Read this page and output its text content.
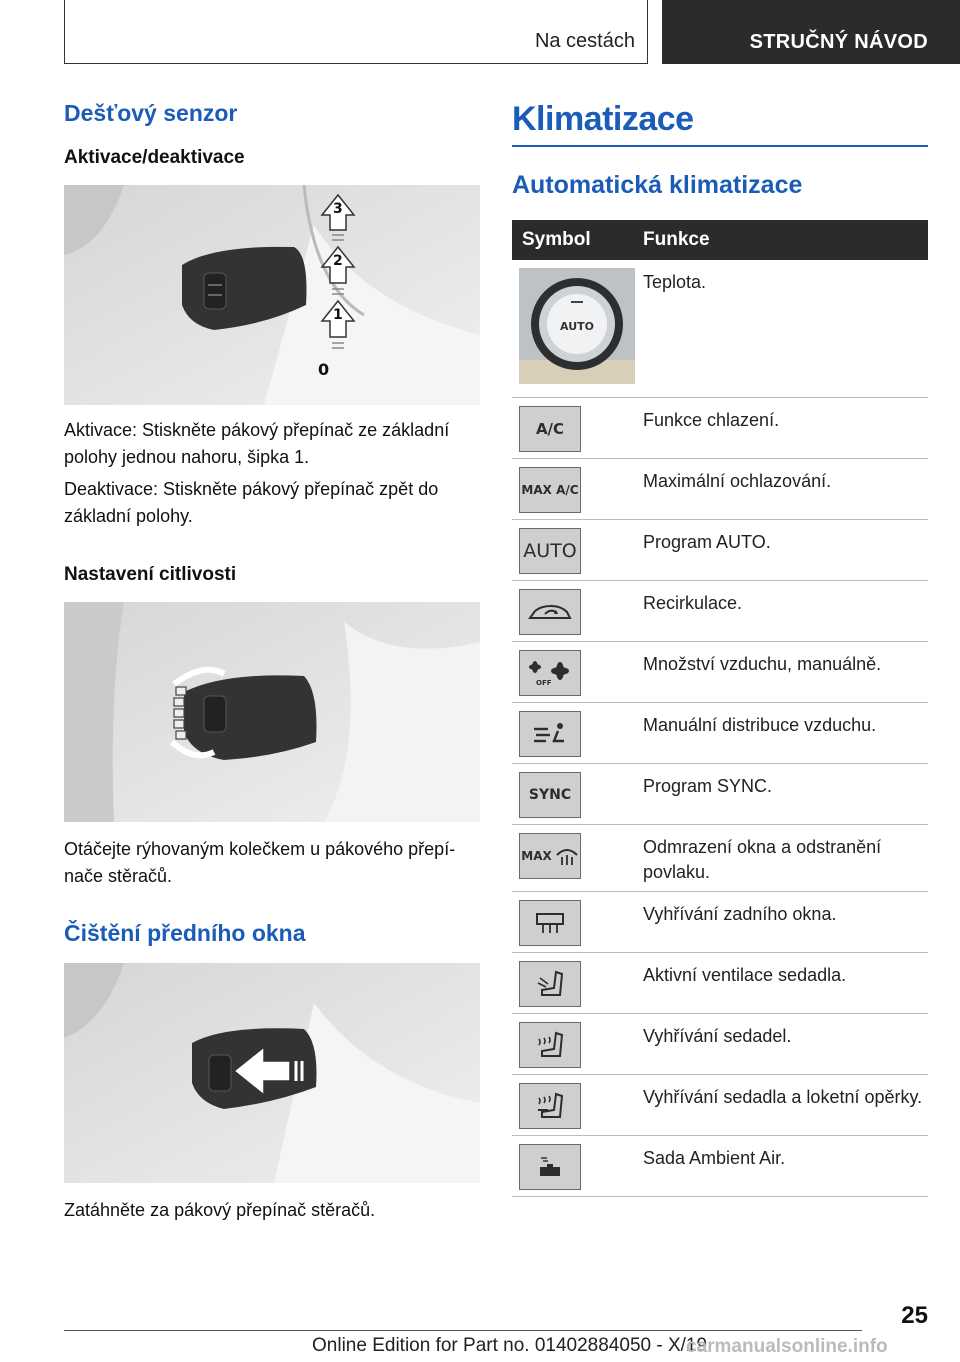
Na cestách	STRUČNÝ NÁVOD
Dešťový senzor
Aktivace/deaktivace
3
2
1
0

Aktivace: Stiskněte pákový přepínač ze základní polohy jednou nahoru, šipka 1.

Deaktivace: Stiskněte pákový přepínač zpět do základní polohy.

Nastavení citlivosti

Otáčejte rýhovaným kolečkem u pákového přepí‐nače stěračů.

Čištění předního okna

Zatáhněte za pákový přepínač stěračů.

Klimatizace
Automatická klimatizace
Symbol	Funkce

AUTO	Teplota.

A/C	Funkce chlazení.

MAX A/C	Maximální ochlazování.

AUTO	Program AUTO.

	Recirkulace.

OFF	Množství vzduchu, manuálně.

	Manuální distribuce vzduchu.

SYNC	Program SYNC.

MAX	Odmrazení okna a odstranění povlaku.

	Vyhřívání zadního okna.

	Aktivní ventilace sedadla.

	Vyhřívání sedadel.

	Vyhřívání sedadla a loketní opěrky.

	Sada Ambient Air.
25
Online Edition for Part no. 01402884050 - X/19
carmanualsonline.info
